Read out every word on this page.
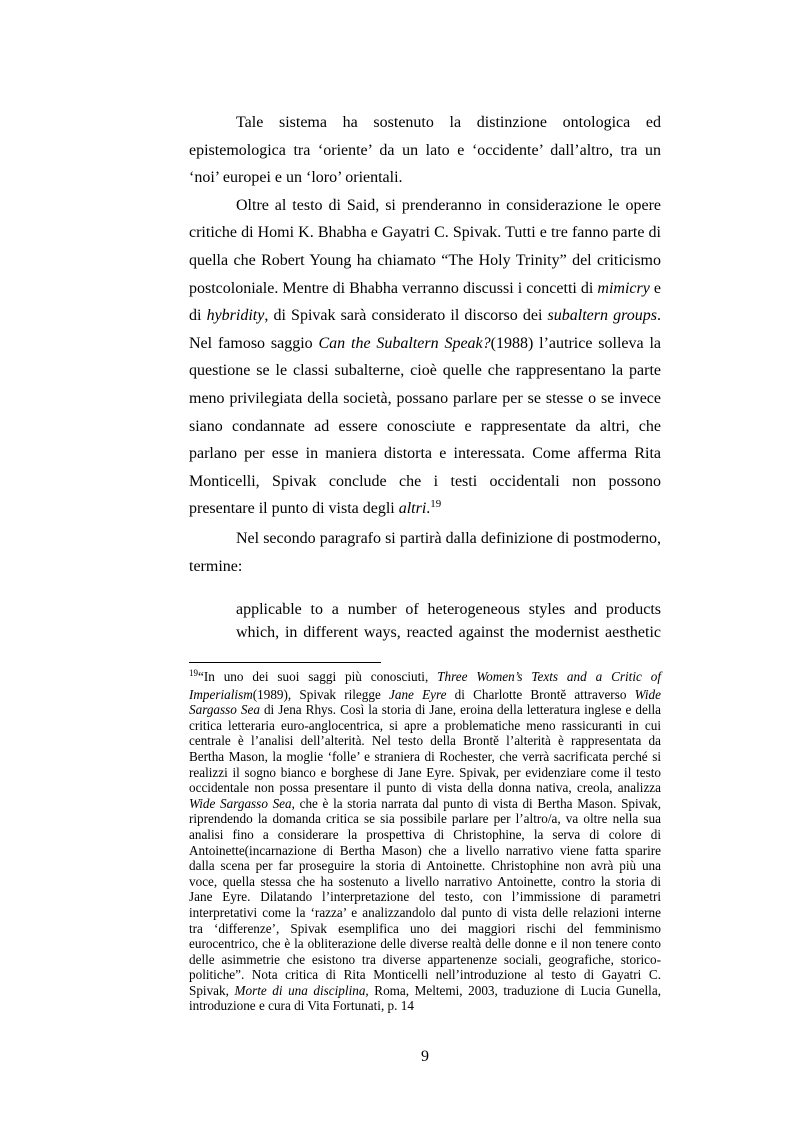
Tale sistema ha sostenuto la distinzione ontologica ed
epistemologica tra ‘oriente’ da un lato e ‘occidente’ dall’altro, tra un
‘noi’ europei e un ‘loro’ orientali.
Oltre al testo di Said, si prenderanno in considerazione le opere
critiche di Homi K. Bhabha e Gayatri C. Spivak. Tutti e tre fanno parte di
quella che Robert Young ha chiamato “The Holy Trinity” del criticismo
postcoloniale. Mentre di Bhabha verranno discussi i concetti di mimicry e
di hybridity, di Spivak sarà considerato il discorso dei subaltern groups.
Nel famoso saggio Can the Subaltern Speak?(1988) l’autrice solleva la
questione se le classi subalterne, cioè quelle che rappresentano la parte
meno privilegiata della società, possano parlare per se stesse o se invece
siano condannate ad essere conosciute e rappresentate da altri, che
parlano per esse in maniera distorta e interessata. Come afferma Rita
Monticelli, Spivak conclude che i testi occidentali non possono
presentare il punto di vista degli altri.$^{19}$
Nel secondo paragrafo si partirà dalla definizione di postmoderno,
termine:
applicable to a number of heterogeneous styles and products
which, in different ways, reacted against the modernist aesthetic
$^{19}$“In uno dei suoi saggi più conosciuti, Three Women’s Texts and a Critic of
Imperialism(1989), Spivak rilegge Jane Eyre di Charlotte Brontĕ attraverso Wide
Sargasso Sea di Jena Rhys. Così la storia di Jane, eroina della letteratura inglese e della
critica letteraria euro-anglocentrica, si apre a problematiche meno rassicuranti in cui
centrale è l’analisi dell’alterità. Nel testo della Brontĕ l’alterità è rappresentata da
Bertha Mason, la moglie ‘folle’ e straniera di Rochester, che verrà sacrificata perché si
realizzi il sogno bianco e borghese di Jane Eyre. Spivak, per evidenziare come il testo
occidentale non possa presentare il punto di vista della donna nativa, creola, analizza
Wide Sargasso Sea, che è la storia narrata dal punto di vista di Bertha Mason. Spivak,
riprendendo la domanda critica se sia possibile parlare per l’altro/a, va oltre nella sua
analisi fino a considerare la prospettiva di Christophine, la serva di colore di
Antoinette(incarnazione di Bertha Mason) che a livello narrativo viene fatta sparire
dalla scena per far proseguire la storia di Antoinette. Christophine non avrà più una
voce, quella stessa che ha sostenuto a livello narrativo Antoinette, contro la storia di
Jane Eyre. Dilatando l’interpretazione del testo, con l’immissione di parametri
interpretativi come la ‘razza’ e analizzandolo dal punto di vista delle relazioni interne
tra ‘differenze’, Spivak esemplifica uno dei maggiori rischi del femminismo
eurocentrico, che è la obliterazione delle diverse realtà delle donne e il non tenere conto
delle asimmetrie che esistono tra diverse appartenenze sociali, geografiche, storico-
politiche”. Nota critica di Rita Monticelli nell’introduzione al testo di Gayatri C.
Spivak, Morte di una disciplina, Roma, Meltemi, 2003, traduzione di Lucia Gunella,
introduzione e cura di Vita Fortunati, p. 14
9
